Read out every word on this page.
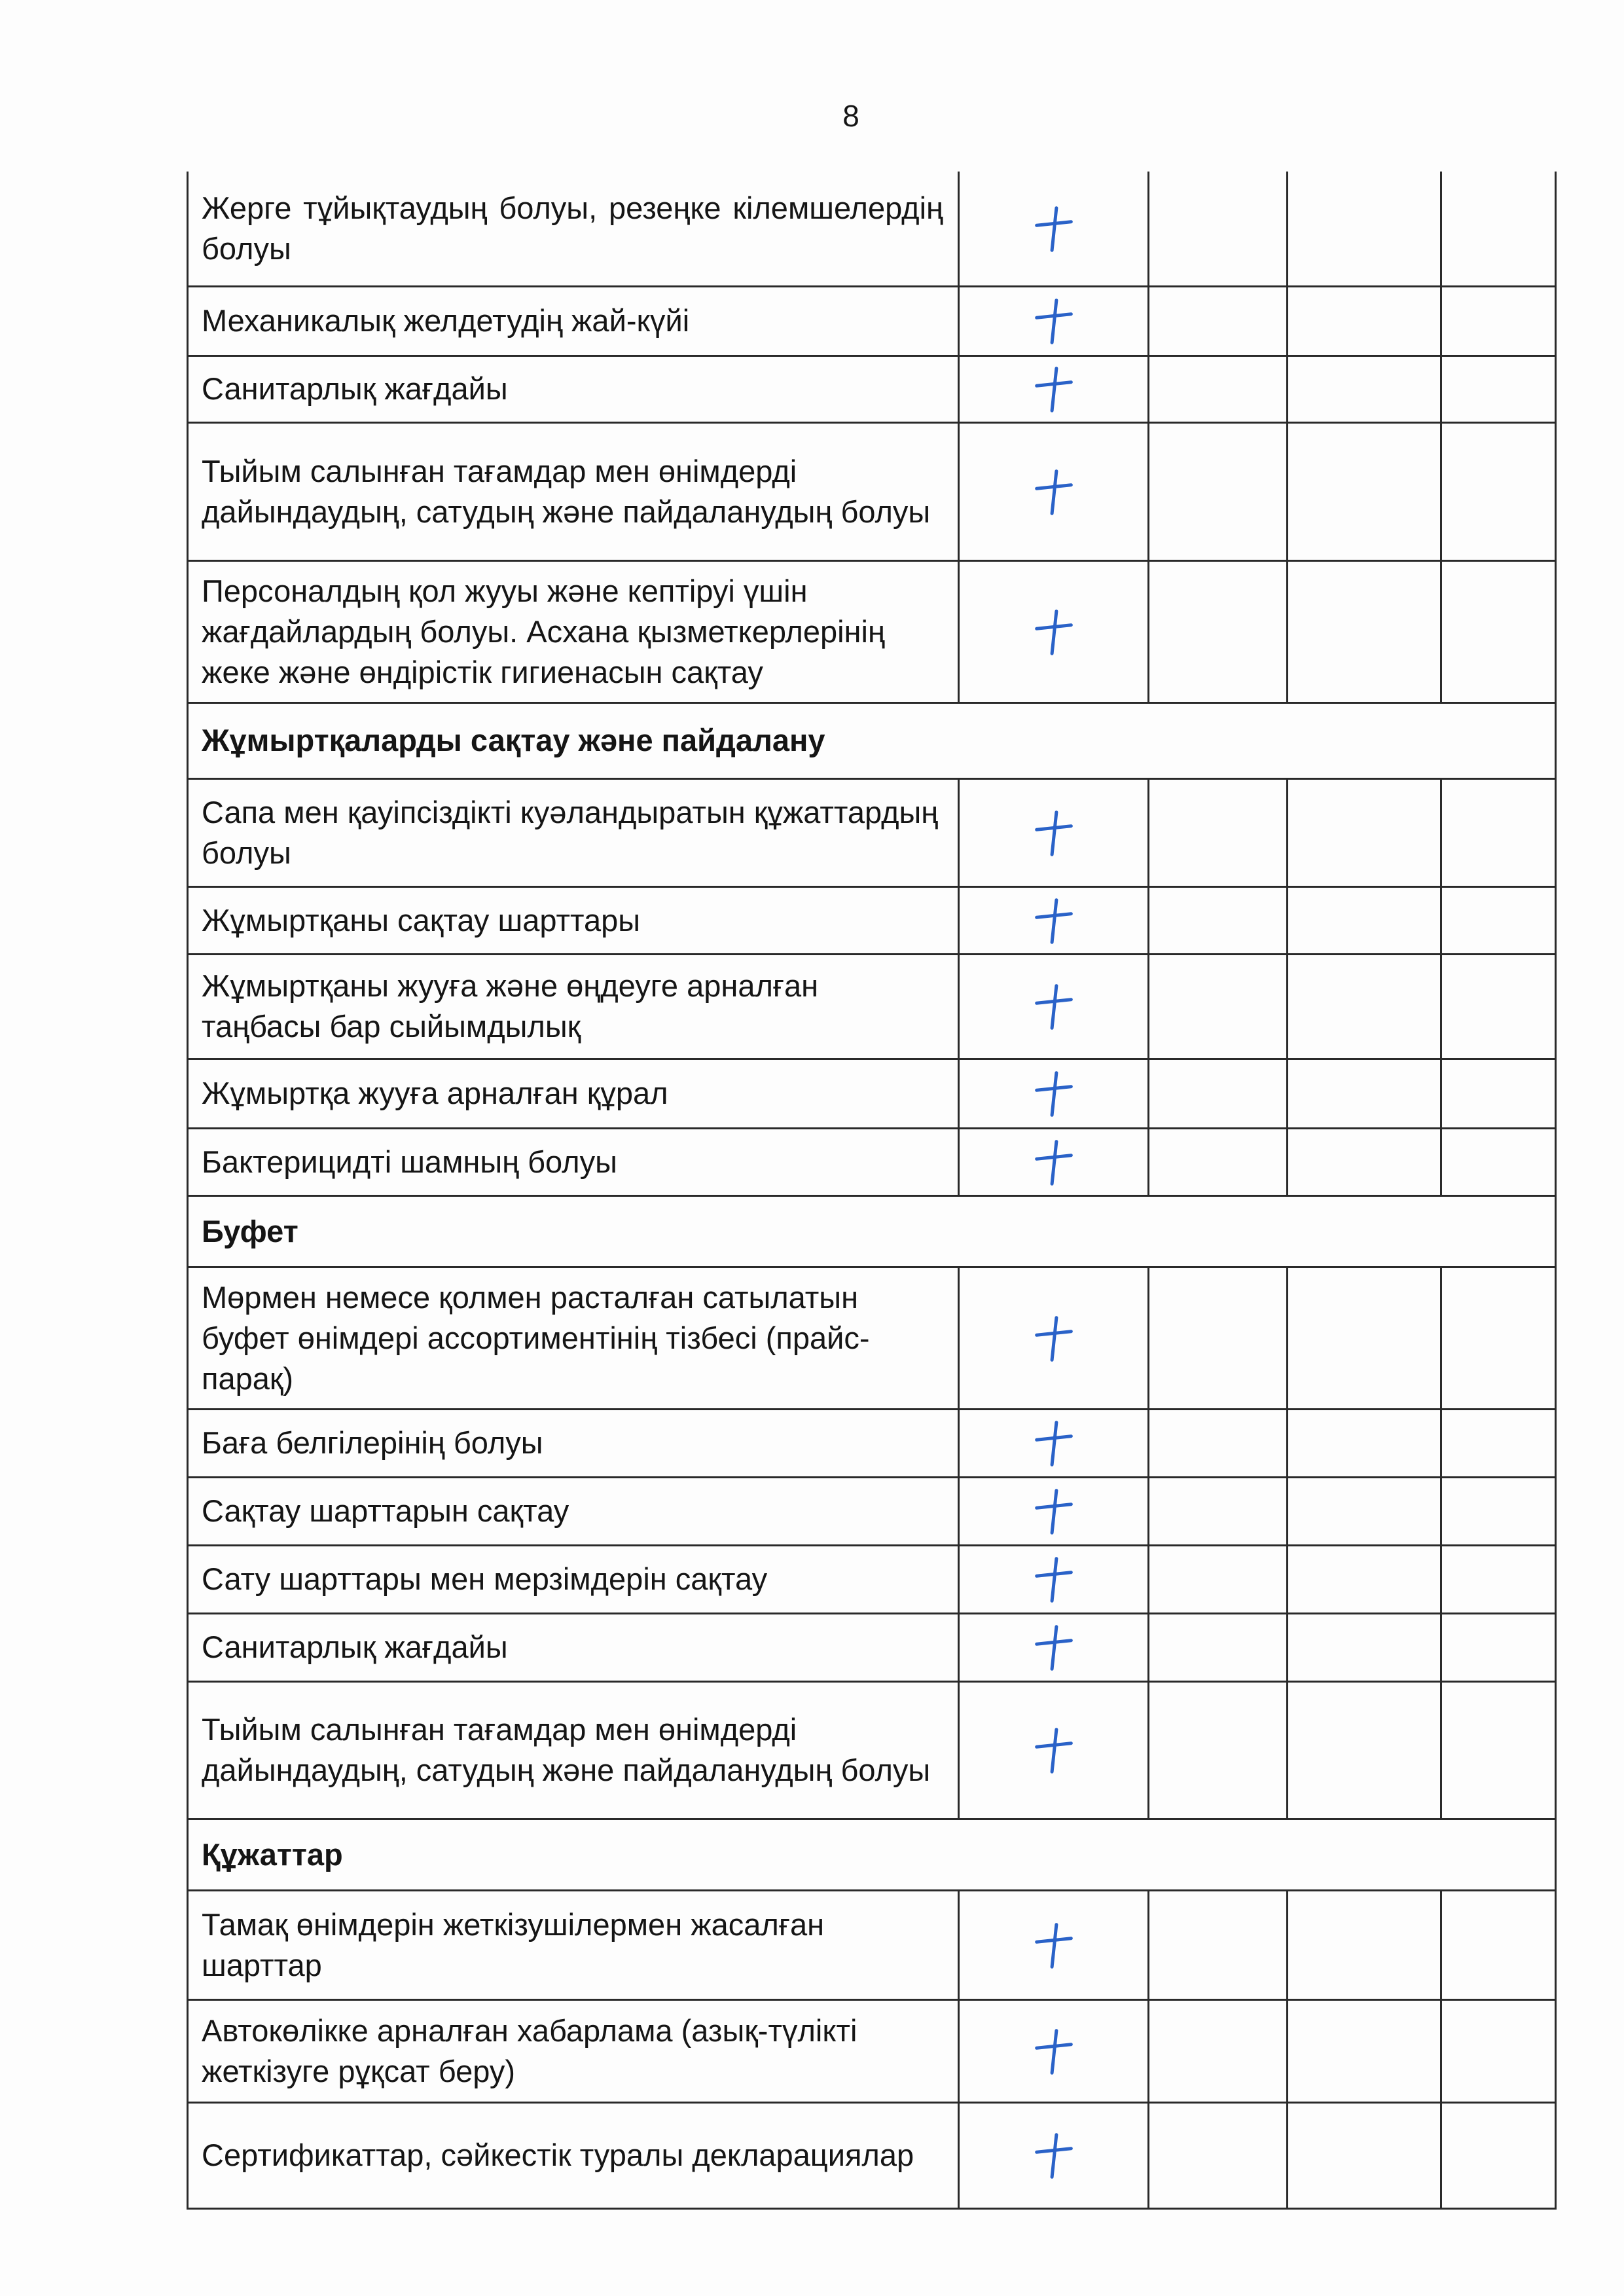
8
Жерге тұйықтаудың болуы, резеңке кілемшелердің болуы				

Механикалық желдетудің жай-күйі				

Санитарлық жағдайы				

Тыйым салынған тағамдар мен өнімдерді дайындаудың, сатудың және пайдаланудың болуы				

Персоналдың қол жууы және кептіруі үшін жағдайлардың болуы. Асхана қызметкерлерінің жеке және өндірістік гигиенасын сақтау				

Жұмыртқаларды сақтау және пайдалану				

Сапа мен қауіпсіздікті куәландыратын құжаттардың болуы				

Жұмыртқаны сақтау шарттары				

Жұмыртқаны жууға және өңдеуге арналған таңбасы бар сыйымдылық				

Жұмыртқа жууға арналған құрал				

Бактерицидті шамның болуы				

Буфет				

Мөрмен немесе қолмен расталған сатылатын буфет өнімдері ассортиментінің тізбесі (прайс-парақ)				

Баға белгілерінің болуы				

Сақтау шарттарын сақтау				

Сату шарттары мен мерзімдерін сақтау				

Санитарлық жағдайы				

Тыйым салынған тағамдар мен өнімдерді дайындаудың, сатудың және пайдаланудың болуы				

Құжаттар				

Тамақ өнімдерін жеткізушілермен жасалған шарттар				

Автокөлікке арналған хабарлама (азық-түлікті жеткізуге рұқсат беру)				

Сертификаттар, сәйкестік туралы декларациялар				
